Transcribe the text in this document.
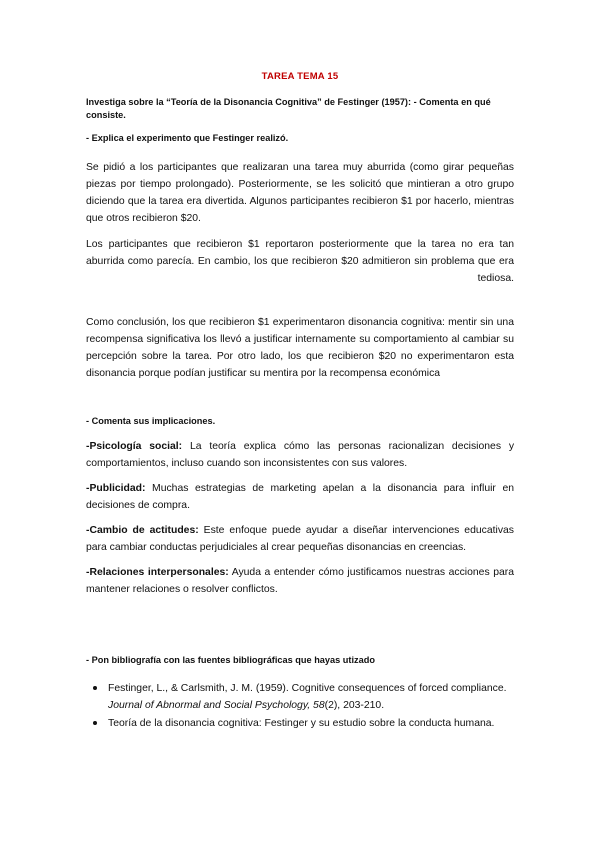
TAREA TEMA 15

Investiga sobre la “Teoría de la Disonancia Cognitiva” de Festinger (1957): - Comenta en qué consiste.

- Explica el experimento que Festinger realizó.

Se pidió a los participantes que realizaran una tarea muy aburrida (como girar pequeñas piezas por tiempo prolongado). Posteriormente, se les solicitó que mintieran a otro grupo diciendo que la tarea era divertida. Algunos participantes recibieron $1 por hacerlo, mientras que otros recibieron $20.

Los participantes que recibieron $1 reportaron posteriormente que la tarea no era tan aburrida como parecía. En cambio, los que recibieron $20 admitieron sin problema que era

tediosa.

Como conclusión, los que recibieron $1 experimentaron disonancia cognitiva: mentir sin una recompensa significativa los llevó a justificar internamente su comportamiento al cambiar su percepción sobre la tarea. Por otro lado, los que recibieron $20 no experimentaron esta disonancia porque podían justificar su mentira por la recompensa económica

- Comenta sus implicaciones.

-Psicología social: La teoría explica cómo las personas racionalizan decisiones y comportamientos, incluso cuando son inconsistentes con sus valores.

-Publicidad: Muchas estrategias de marketing apelan a la disonancia para influir en decisiones de compra.

-Cambio de actitudes: Este enfoque puede ayudar a diseñar intervenciones educativas para cambiar conductas perjudiciales al crear pequeñas disonancias en creencias.

-Relaciones interpersonales: Ayuda a entender cómo justificamos nuestras acciones para mantener relaciones o resolver conflictos.

- Pon bibliografía con las fuentes bibliográficas que hayas utizado

Festinger, L., & Carlsmith, J. M. (1959). Cognitive consequences of forced compliance. Journal of Abnormal and Social Psychology, 58(2), 203-210.
Teoría de la disonancia cognitiva: Festinger y su estudio sobre la conducta humana.
